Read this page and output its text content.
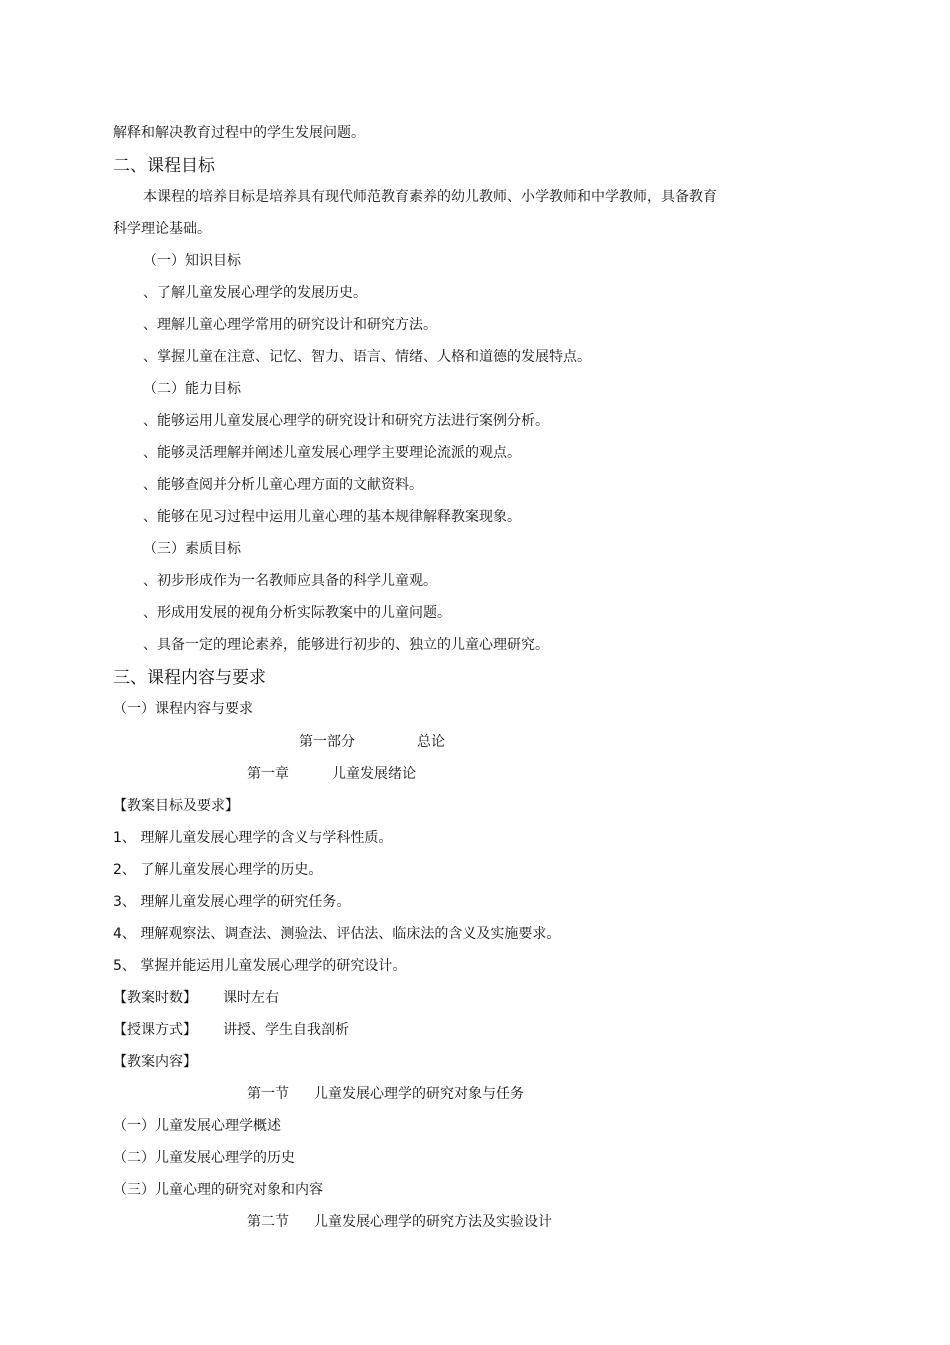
解释和解决教育过程中的学生发展问题。
二、课程目标
本课程的培养目标是培养具有现代师范教育素养的幼儿教师、小学教师和中学教师，具备教育
科学理论基础。
（一）知识目标
、了解儿童发展心理学的发展历史。
、理解儿童心理学常用的研究设计和研究方法。
、掌握儿童在注意、记忆、智力、语言、情绪、人格和道德的发展特点。
（二）能力目标
、能够运用儿童发展心理学的研究设计和研究方法进行案例分析。
、能够灵活理解并阐述儿童发展心理学主要理论流派的观点。
、能够查阅并分析儿童心理方面的文献资料。
、能够在见习过程中运用儿童心理的基本规律解释教案现象。
（三）素质目标
、初步形成作为一名教师应具备的科学儿童观。
、形成用发展的视角分析实际教案中的儿童问题。
、具备一定的理论素养，能够进行初步的、独立的儿童心理研究。
三、课程内容与要求
（一）课程内容与要求
第一部分	总论
第一章	儿童发展绪论
【教案目标及要求】
1、 理解儿童发展心理学的含义与学科性质。
2、 了解儿童发展心理学的历史。
3、 理解儿童发展心理学的研究任务。
4、 理解观察法、调查法、测验法、评估法、临床法的含义及实施要求。
5、 掌握并能运用儿童发展心理学的研究设计。
【教案时数】 课时左右
【授课方式】 讲授、学生自我剖析
【教案内容】
第一节 儿童发展心理学的研究对象与任务
（一）儿童发展心理学概述
（二）儿童发展心理学的历史
（三）儿童心理的研究对象和内容
第二节 儿童发展心理学的研究方法及实验设计
